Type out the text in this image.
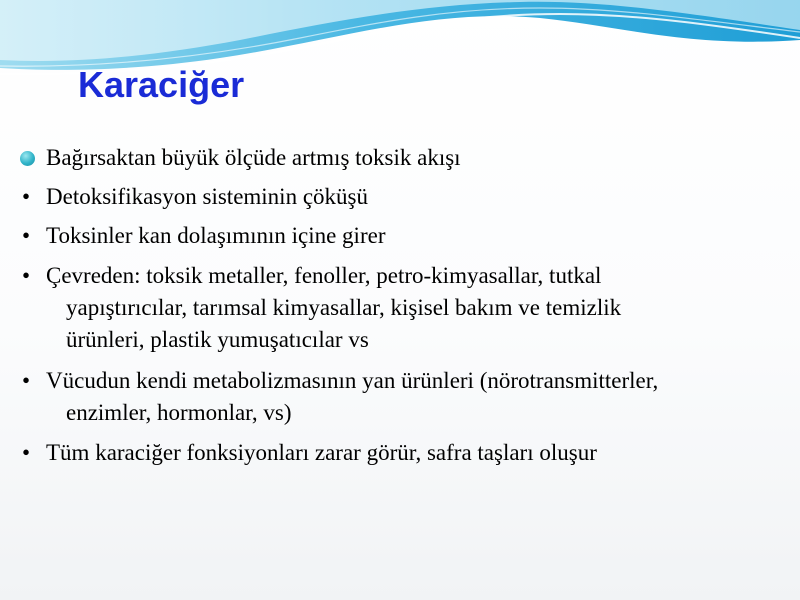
Karaciğer
Bağırsaktan büyük ölçüde artmış toksik akışı
• Detoksifikasyon sisteminin çöküşü
• Toksinler kan dolaşımının içine girer
• Çevreden: toksik metaller, fenoller, petro-kimyasallar, tutkal
yapıştırıcılar, tarımsal kimyasallar, kişisel bakım ve temizlik
ürünleri, plastik yumuşatıcılar vs
• Vücudun kendi metabolizmasının yan ürünleri (nörotransmitterler,
enzimler, hormonlar, vs)
• Tüm karaciğer fonksiyonları zarar görür, safra taşları oluşur
